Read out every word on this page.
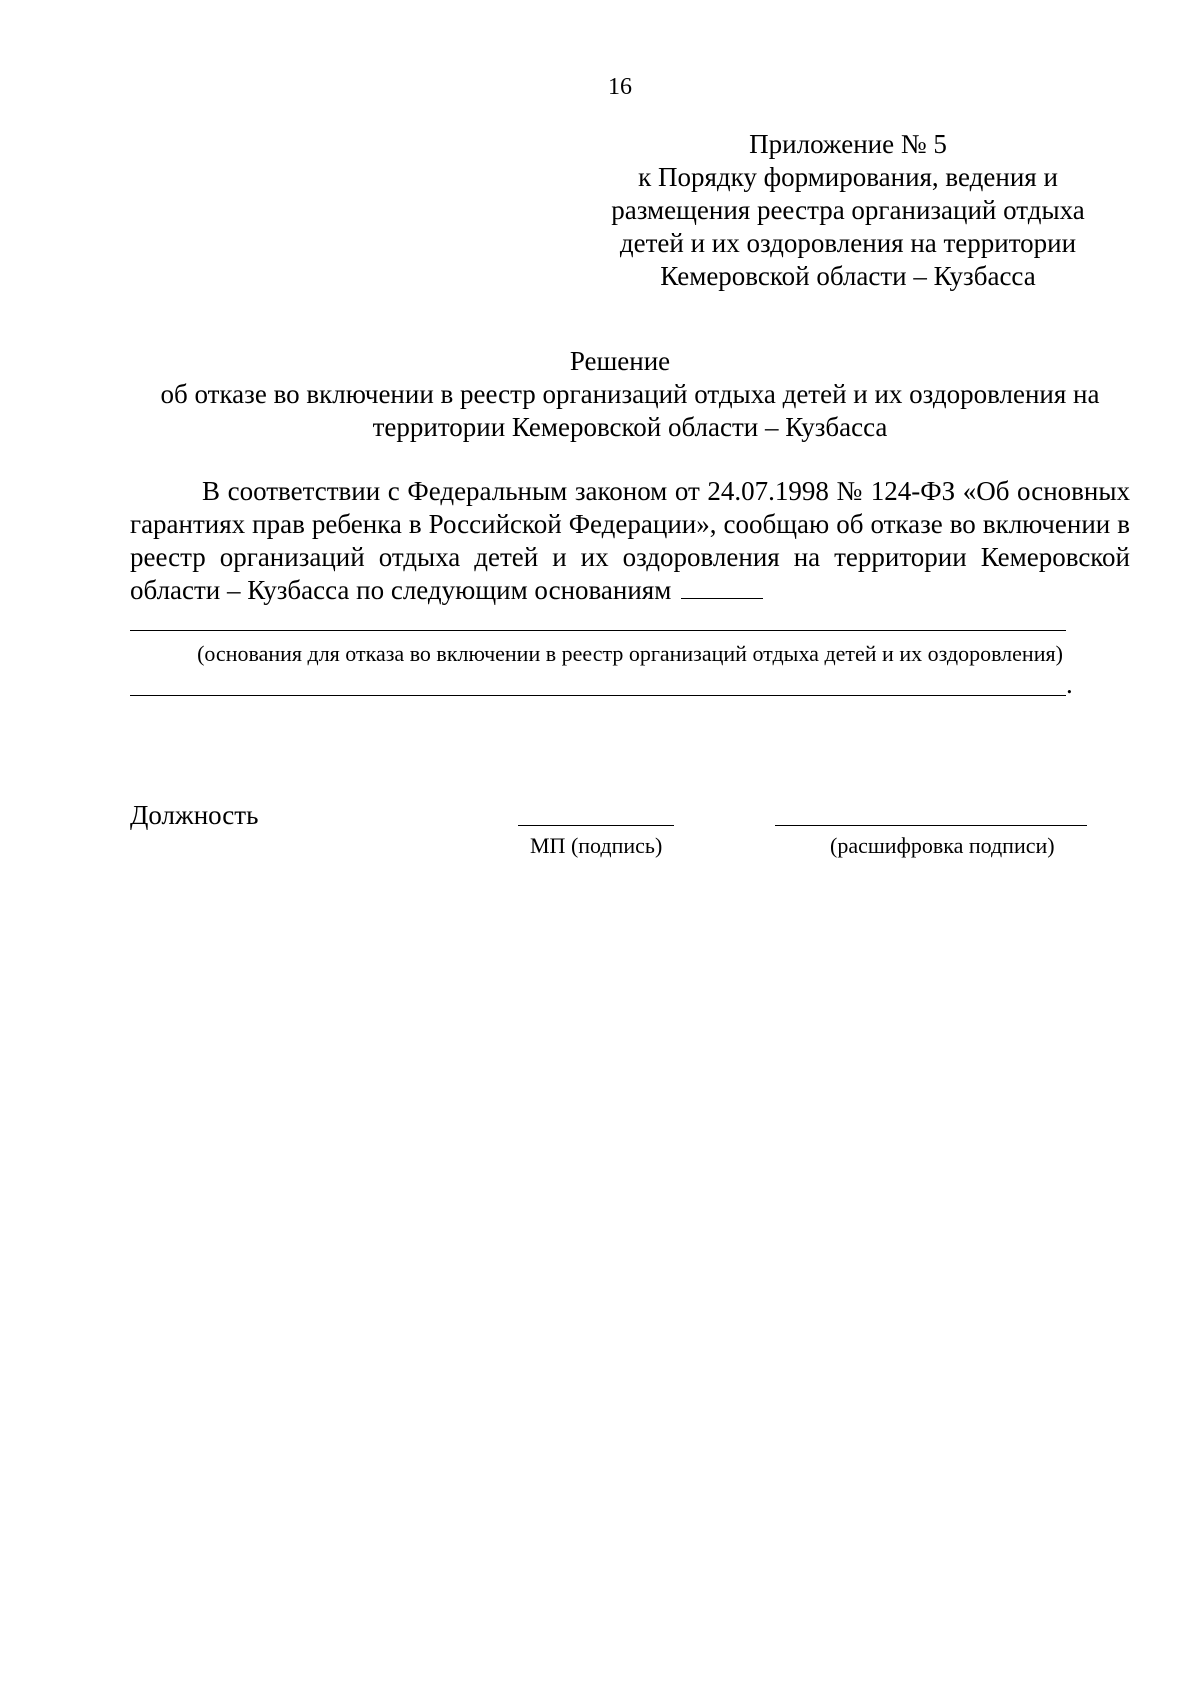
16
Приложение № 5
к Порядку формирования, ведения и
размещения реестра организаций отдыха
детей и их оздоровления на территории
Кемеровской области – Кузбасса
Решение
об отказе во включении в реестр организаций отдыха детей и их оздоровления на территории Кемеровской области – Кузбасса
В соответствии с Федеральным законом от 24.07.1998 № 124-ФЗ «Об основных гарантиях прав ребенка в Российской Федерации», сообщаю об отказе во включении в реестр организаций отдыха детей и их оздоровления на территории Кемеровской области – Кузбасса по следующим основаниям
(основания для отказа во включении в реестр организаций отдыха детей и их оздоровления)
.
Должность
МП (подпись)	(расшифровка подписи)
